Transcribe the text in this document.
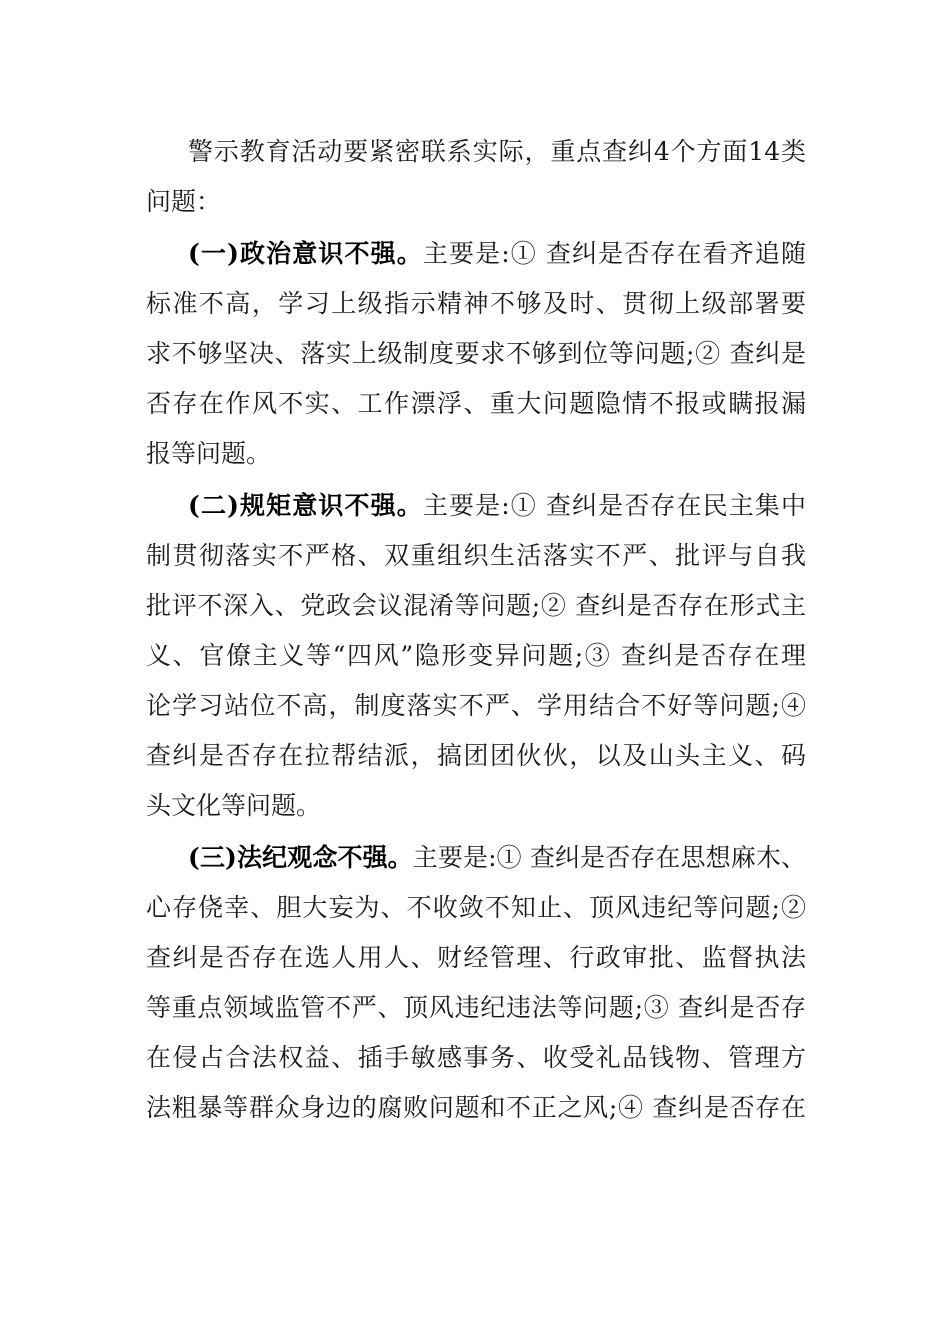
警示教育活动要紧密联系实际，重点查纠4个方面14类
问题：
(一)政治意识不强。主要是:① 查纠是否存在看齐追随
标准不高，学习上级指示精神不够及时、贯彻上级部署要
求不够坚决、落实上级制度要求不够到位等问题;② 查纠是
否存在作风不实、工作漂浮、重大问题隐情不报或瞒报漏
报等问题。
(二)规矩意识不强。主要是:① 查纠是否存在民主集中
制贯彻落实不严格、双重组织生活落实不严、批评与自我
批评不深入、党政会议混淆等问题;② 查纠是否存在形式主
义、官僚主义等“四风”隐形变异问题;③ 查纠是否存在理
论学习站位不高，制度落实不严、学用结合不好等问题;④
查纠是否存在拉帮结派，搞团团伙伙，以及山头主义、码
头文化等问题。
(三)法纪观念不强。主要是:① 查纠是否存在思想麻木、
心存侥幸、胆大妄为、不收敛不知止、顶风违纪等问题;②
查纠是否存在选人用人、财经管理、行政审批、监督执法
等重点领域监管不严、顶风违纪违法等问题;③ 查纠是否存
在侵占合法权益、插手敏感事务、收受礼品钱物、管理方
法粗暴等群众身边的腐败问题和不正之风;④ 查纠是否存在
